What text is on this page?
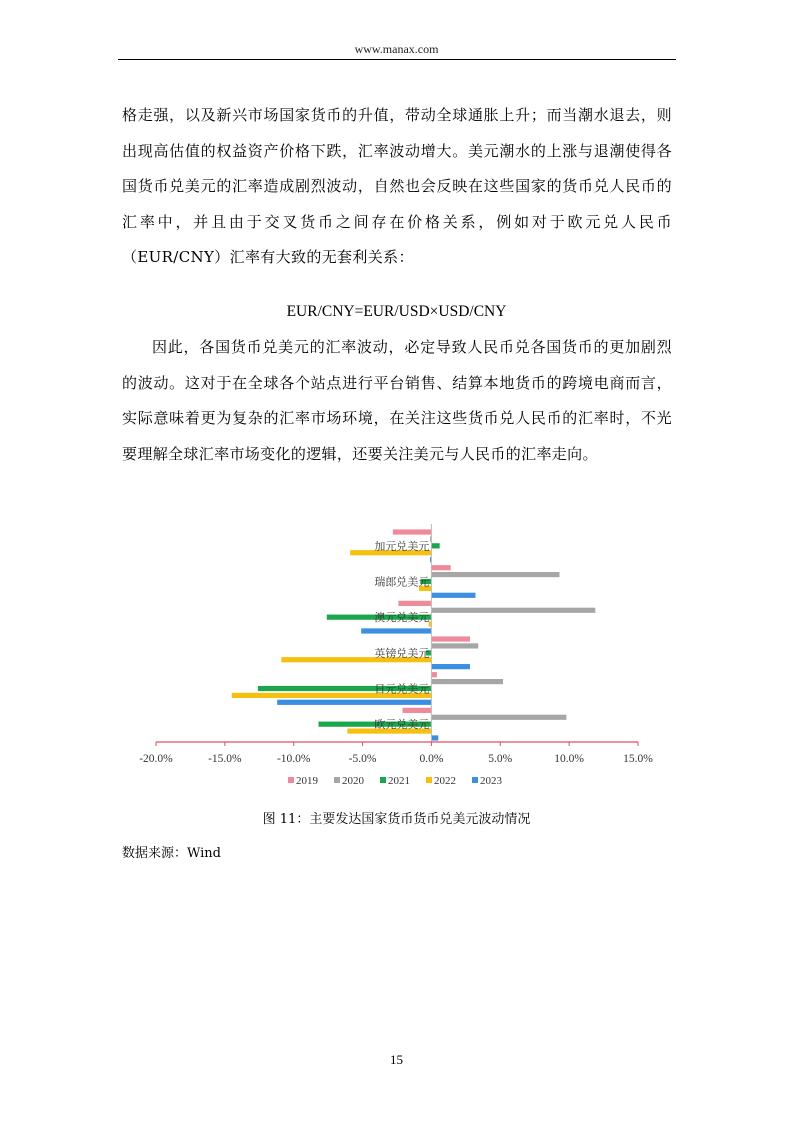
www.manax.com
格走强，以及新兴市场国家货币的升值，带动全球通胀上升；而当潮水退去，则出现高估值的权益资产价格下跌，汇率波动增大。美元潮水的上涨与退潮使得各国货币兑美元的汇率造成剧烈波动，自然也会反映在这些国家的货币兑人民币的汇率中，并且由于交叉货币之间存在价格关系，例如对于欧元兑人民币（EUR/CNY）汇率有大致的无套利关系：
EUR/CNY=EUR/USD×USD/CNY
因此，各国货币兑美元的汇率波动，必定导致人民币兑各国货币的更加剧烈的波动。这对于在全球各个站点进行平台销售、结算本地货币的跨境电商而言，实际意味着更为复杂的汇率市场环境，在关注这些货币兑人民币的汇率时，不光要理解全球汇率市场变化的逻辑，还要关注美元与人民币的汇率走向。
加元兑美元
瑞郎兑美元
澳元兑美元
英镑兑美元
日元兑美元
欧元兑美元
-20.0%	-15.0%	-10.0%	-5.0%	0.0%	5.0%	10.0%	15.0%
2019 2020 2021 2022 2023
图 11：主要发达国家货币货币兑美元波动情况
数据来源：Wind
15
